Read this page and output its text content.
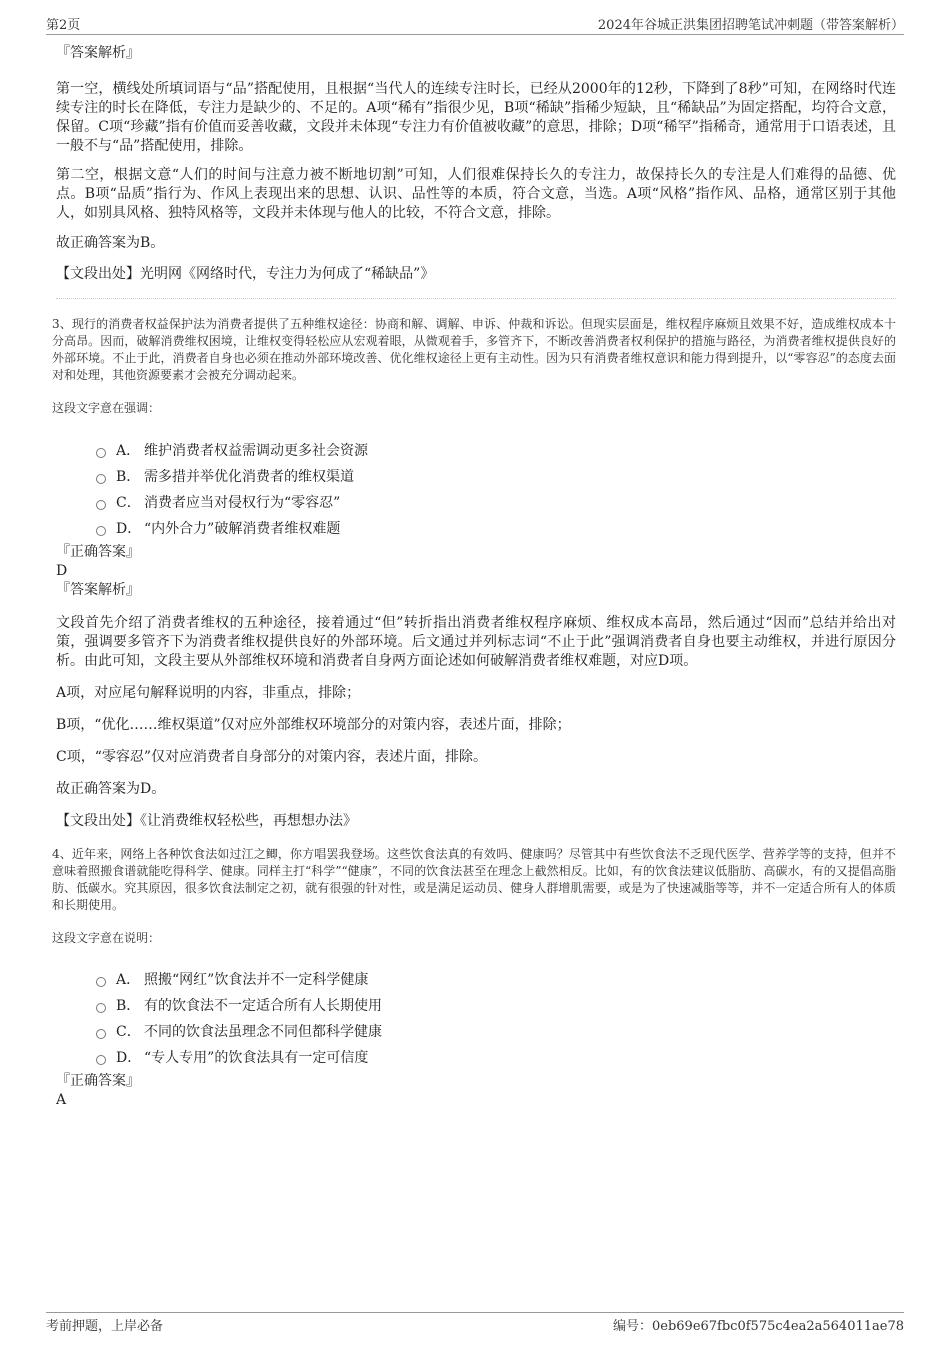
第2页	2024年谷城正洪集团招聘笔试冲刺题（带答案解析）

『答案解析』

第一空，横线处所填词语与“品”搭配使用，且根据“当代人的连续专注时长，已经从2000年的12秒，下降到了8秒”可知，在网络时代连续专注的时长在降低，专注力是缺少的、不足的。A项“稀有”指很少见，B项“稀缺”指稀少短缺，且“稀缺品”为固定搭配，均符合文意，保留。C项“珍藏”指有价值而妥善收藏，文段并未体现“专注力有价值被收藏”的意思，排除；D项“稀罕”指稀奇，通常用于口语表述，且一般不与“品”搭配使用，排除。

第二空，根据文意“人们的时间与注意力被不断地切割”可知，人们很难保持长久的专注力，故保持长久的专注是人们难得的品德、优点。B项“品质”指行为、作风上表现出来的思想、认识、品性等的本质，符合文意，当选。A项“风格”指作风、品格，通常区别于其他人，如别具风格、独特风格等，文段并未体现与他人的比较，不符合文意，排除。

故正确答案为B。

【文段出处】光明网《网络时代，专注力为何成了“稀缺品”》

3、现行的消费者权益保护法为消费者提供了五种维权途径：协商和解、调解、申诉、仲裁和诉讼。但现实层面是，维权程序麻烦且效果不好，造成维权成本十分高昂。因而，破解消费维权困境，让维权变得轻松应从宏观着眼，从微观着手，多管齐下，不断改善消费者权利保护的措施与路径，为消费者维权提供良好的外部环境。不止于此，消费者自身也必须在推动外部环境改善、优化维权途径上更有主动性。因为只有消费者维权意识和能力得到提升，以“零容忍”的态度去面对和处理，其他资源要素才会被充分调动起来。

这段文字意在强调：

A． 维护消费者权益需调动更多社会资源
B． 需多措并举优化消费者的维权渠道
C． 消费者应当对侵权行为“零容忍”
D． “内外合力”破解消费者维权难题

『正确答案』

D

『答案解析』

文段首先介绍了消费者维权的五种途径，接着通过“但”转折指出消费者维权程序麻烦、维权成本高昂，然后通过“因而”总结并给出对策，强调要多管齐下为消费者维权提供良好的外部环境。后文通过并列标志词“不止于此”强调消费者自身也要主动维权，并进行原因分析。由此可知，文段主要从外部维权环境和消费者自身两方面论述如何破解消费者维权难题，对应D项。

A项，对应尾句解释说明的内容，非重点，排除；

B项，“优化……维权渠道”仅对应外部维权环境部分的对策内容，表述片面，排除；

C项，“零容忍”仅对应消费者自身部分的对策内容，表述片面，排除。

故正确答案为D。

【文段出处】《让消费维权轻松些，再想想办法》

4、近年来，网络上各种饮食法如过江之鲫，你方唱罢我登场。这些饮食法真的有效吗、健康吗？尽管其中有些饮食法不乏现代医学、营养学等的支持，但并不意味着照搬食谱就能吃得科学、健康。同样主打“科学”“健康”，不同的饮食法甚至在理念上截然相反。比如，有的饮食法建议低脂肪、高碳水，有的又提倡高脂肪、低碳水。究其原因，很多饮食法制定之初，就有很强的针对性，或是满足运动员、健身人群增肌需要，或是为了快速减脂等等，并不一定适合所有人的体质和长期使用。

这段文字意在说明：

A． 照搬“网红”饮食法并不一定科学健康
B． 有的饮食法不一定适合所有人长期使用
C． 不同的饮食法虽理念不同但都科学健康
D． “专人专用”的饮食法具有一定可信度

『正确答案』

A

考前押题，上岸必备	编号：0eb69e67fbc0f575c4ea2a564011ae78
